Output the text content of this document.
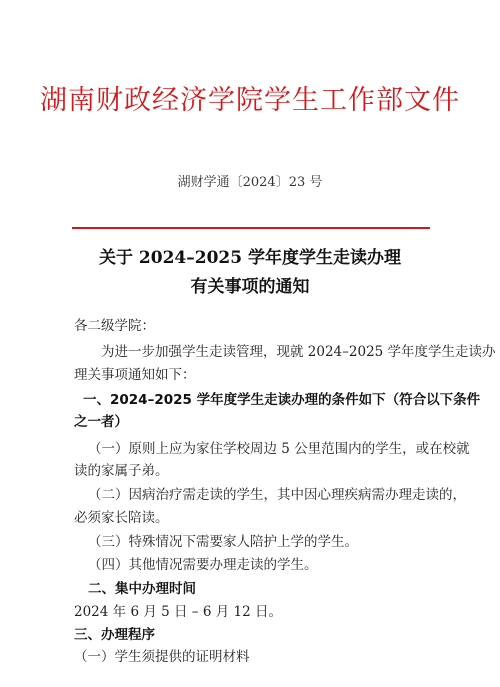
湖南财政经济学院学生工作部文件
湖财学通〔2024〕23 号
关于 2024–2025 学年度学生走读办理
有关事项的通知
各二级学院：
为进一步加强学生走读管理，现就 2024–2025 学年度学生走读办
理关事项通知如下：
一、2024–2025 学年度学生走读办理的条件如下（符合以下条件
之一者）
（一）原则上应为家住学校周边 5 公里范围内的学生，或在校就
读的家属子弟。
（二）因病治疗需走读的学生，其中因心理疾病需办理走读的，
必须家长陪读。
（三）特殊情况下需要家人陪护上学的学生。
（四）其他情况需要办理走读的学生。
二、集中办理时间
2024 年 6 月 5 日 – 6 月 12 日。
三、办理程序
（一）学生须提供的证明材料
